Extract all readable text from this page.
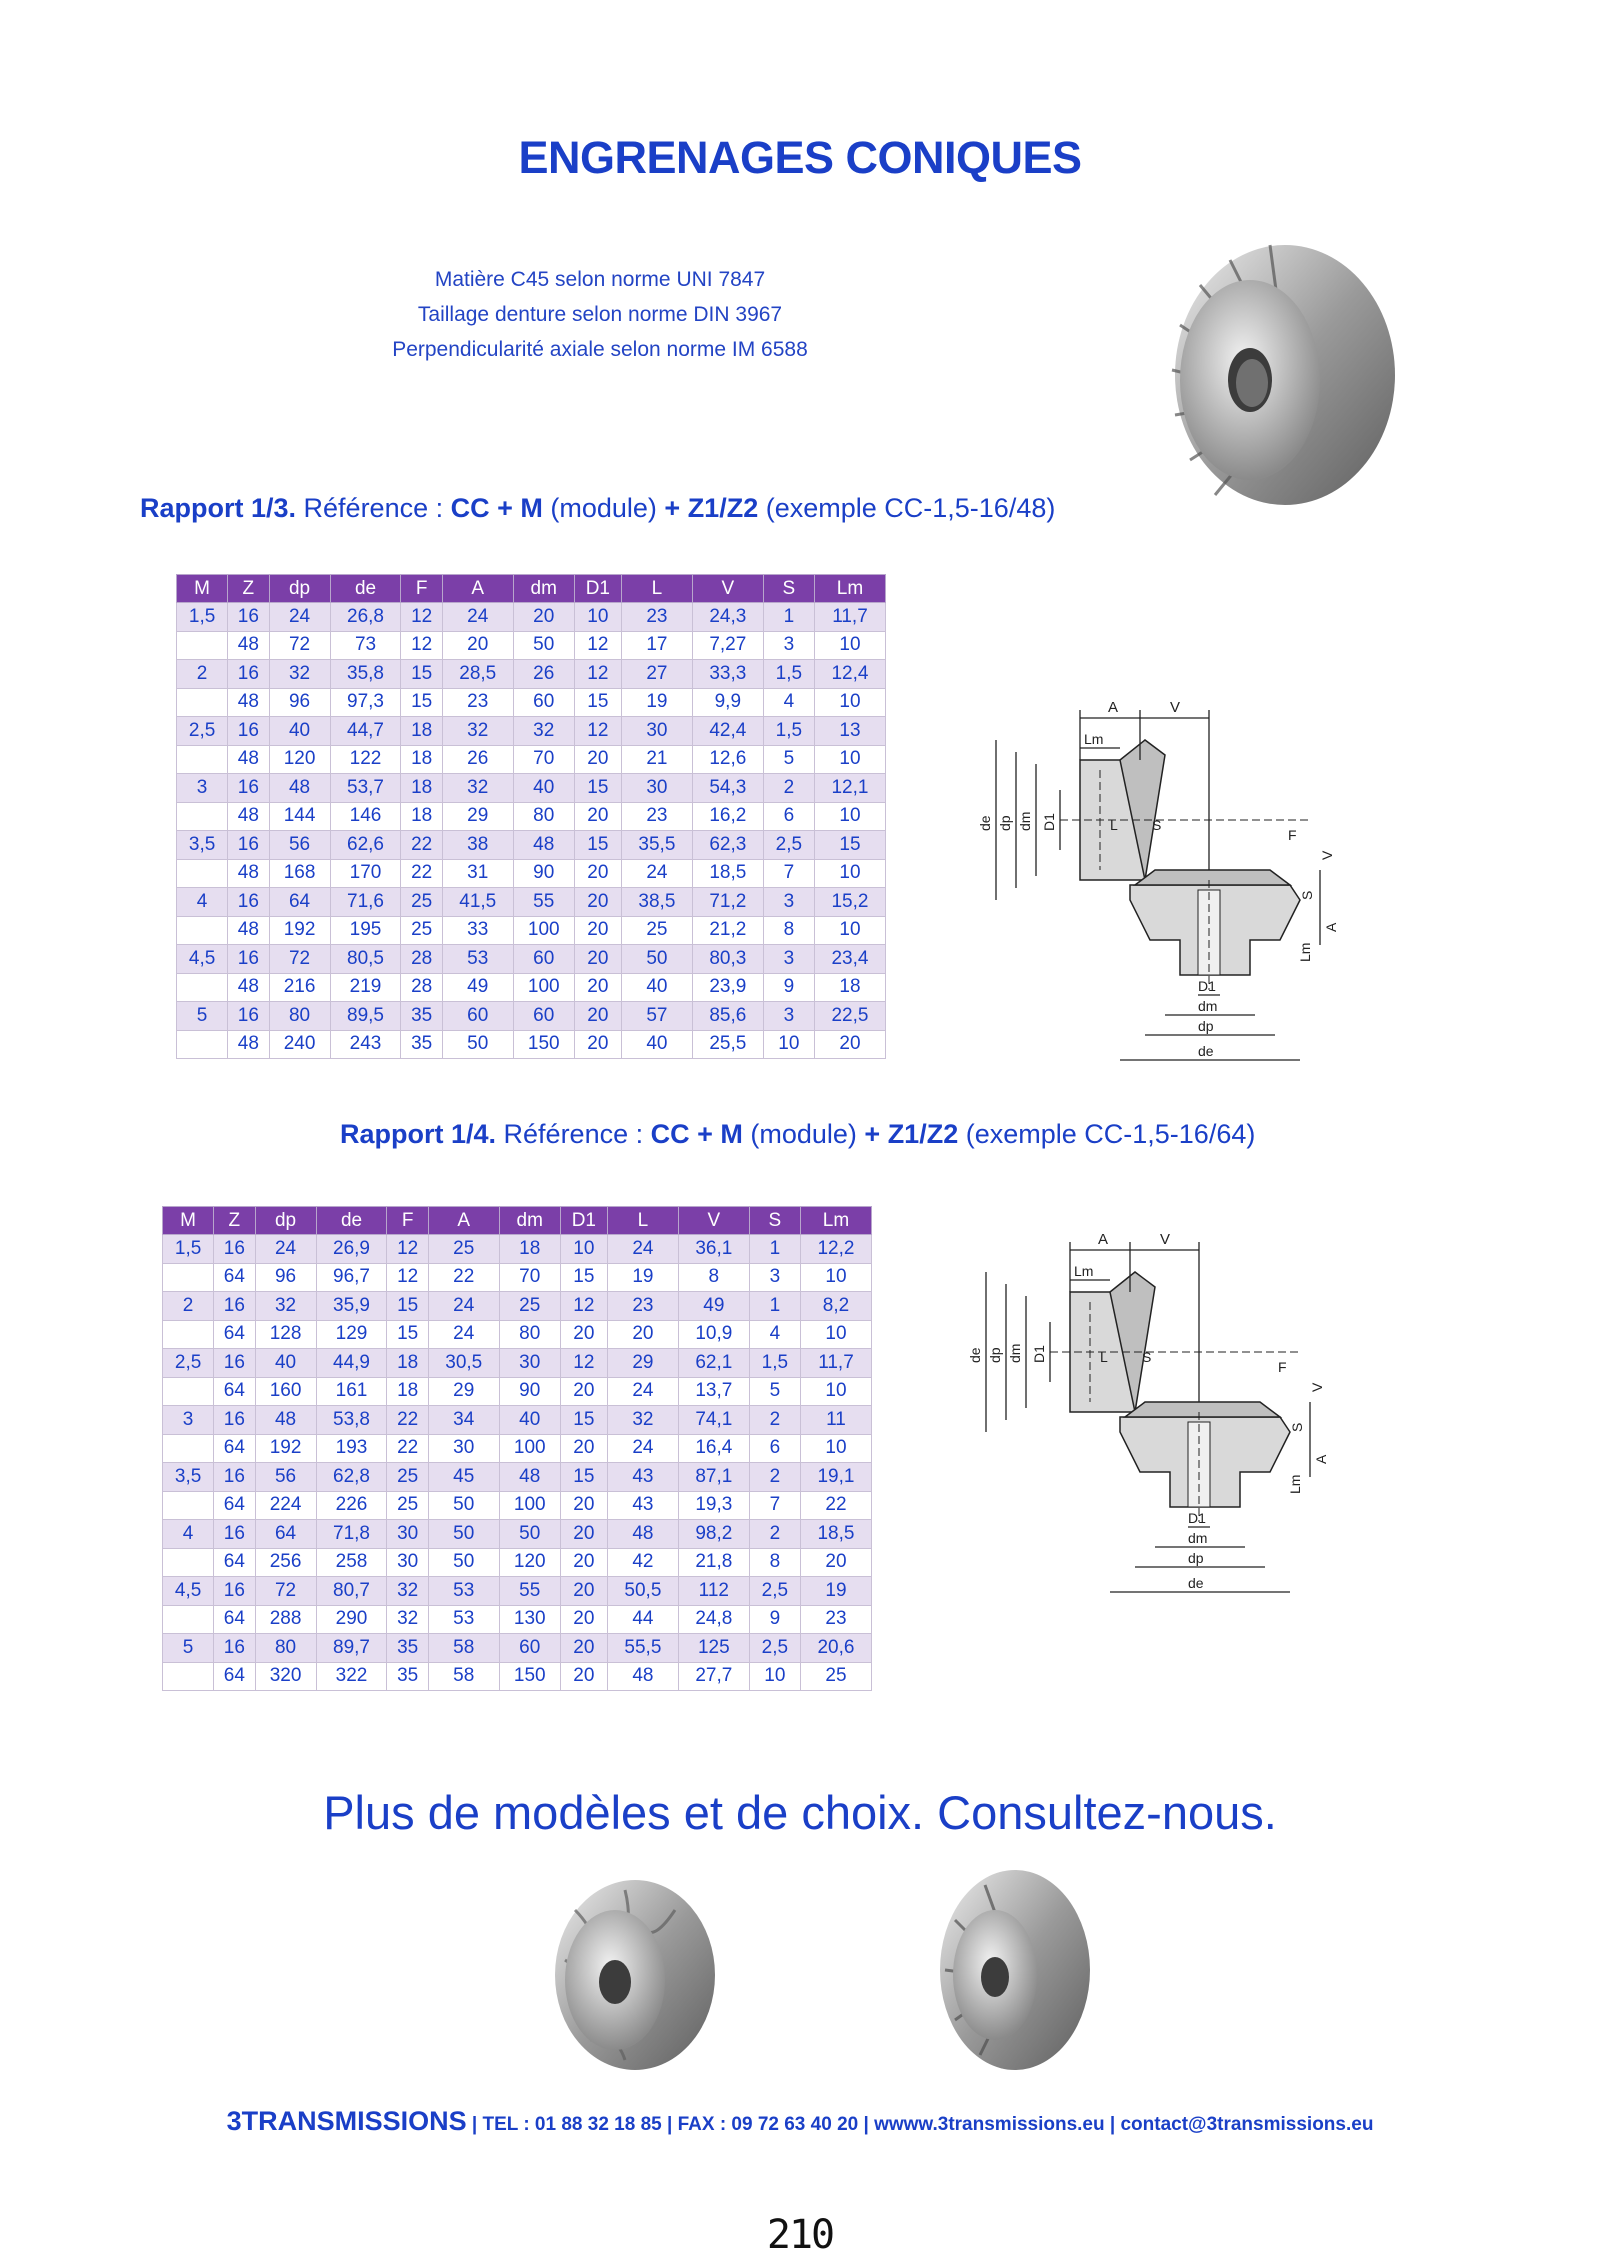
ENGRENAGES CONIQUES
Matière C45 selon norme UNI 7847
Taillage denture selon norme DIN 3967
Perpendicularité axiale selon norme IM 6588
Rapport 1/3. Référence : CC + M (module) + Z1/Z2 (exemple CC-1,5-16/48)
M	Z	dp	de	F	A	dm	D1	L	V	S	Lm
1,5	16	24	26,8	12	24	20	10	23	24,3	1	11,7
	48	72	73	12	20	50	12	17	7,27	3	10
2	16	32	35,8	15	28,5	26	12	27	33,3	1,5	12,4
	48	96	97,3	15	23	60	15	19	9,9	4	10
2,5	16	40	44,7	18	32	32	12	30	42,4	1,5	13
	48	120	122	18	26	70	20	21	12,6	5	10
3	16	48	53,7	18	32	40	15	30	54,3	2	12,1
	48	144	146	18	29	80	20	23	16,2	6	10
3,5	16	56	62,6	22	38	48	15	35,5	62,3	2,5	15
	48	168	170	22	31	90	20	24	18,5	7	10
4	16	64	71,6	25	41,5	55	20	38,5	71,2	3	15,2
	48	192	195	25	33	100	20	25	21,2	8	10
4,5	16	72	80,5	28	53	60	20	50	80,3	3	23,4
	48	216	219	28	49	100	20	40	23,9	9	18
5	16	80	89,5	35	60	60	20	57	85,6	3	22,5
	48	240	243	35	50	150	20	40	25,5	10	20
A	V
Lm
de dp dm D1	L S
F
V
S
A
Lm
D1
dm
dp
de
Rapport 1/4. Référence : CC + M (module) + Z1/Z2 (exemple CC-1,5-16/64)
M	Z	dp	de	F	A	dm	D1	L	V	S	Lm
1,5	16	24	26,9	12	25	18	10	24	36,1	1	12,2
	64	96	96,7	12	22	70	15	19	8	3	10
2	16	32	35,9	15	24	25	12	23	49	1	8,2
	64	128	129	15	24	80	20	20	10,9	4	10
2,5	16	40	44,9	18	30,5	30	12	29	62,1	1,5	11,7
	64	160	161	18	29	90	20	24	13,7	5	10
3	16	48	53,8	22	34	40	15	32	74,1	2	11
	64	192	193	22	30	100	20	24	16,4	6	10
3,5	16	56	62,8	25	45	48	15	43	87,1	2	19,1
	64	224	226	25	50	100	20	43	19,3	7	22
4	16	64	71,8	30	50	50	20	48	98,2	2	18,5
	64	256	258	30	50	120	20	42	21,8	8	20
4,5	16	72	80,7	32	53	55	20	50,5	112	2,5	19
	64	288	290	32	53	130	20	44	24,8	9	23
5	16	80	89,7	35	58	60	20	55,5	125	2,5	20,6
	64	320	322	35	58	150	20	48	27,7	10	25
A	V
Lm
de dp dm D1	L S
F
V
S
A
Lm
D1
dm
dp
de
Plus de modèles et de choix. Consultez-nous.
3TRANSMISSIONS | TEL : 01 88 32 18 85 | FAX : 09 72 63 40 20 | wwww.3transmissions.eu | contact@3transmissions.eu
210
